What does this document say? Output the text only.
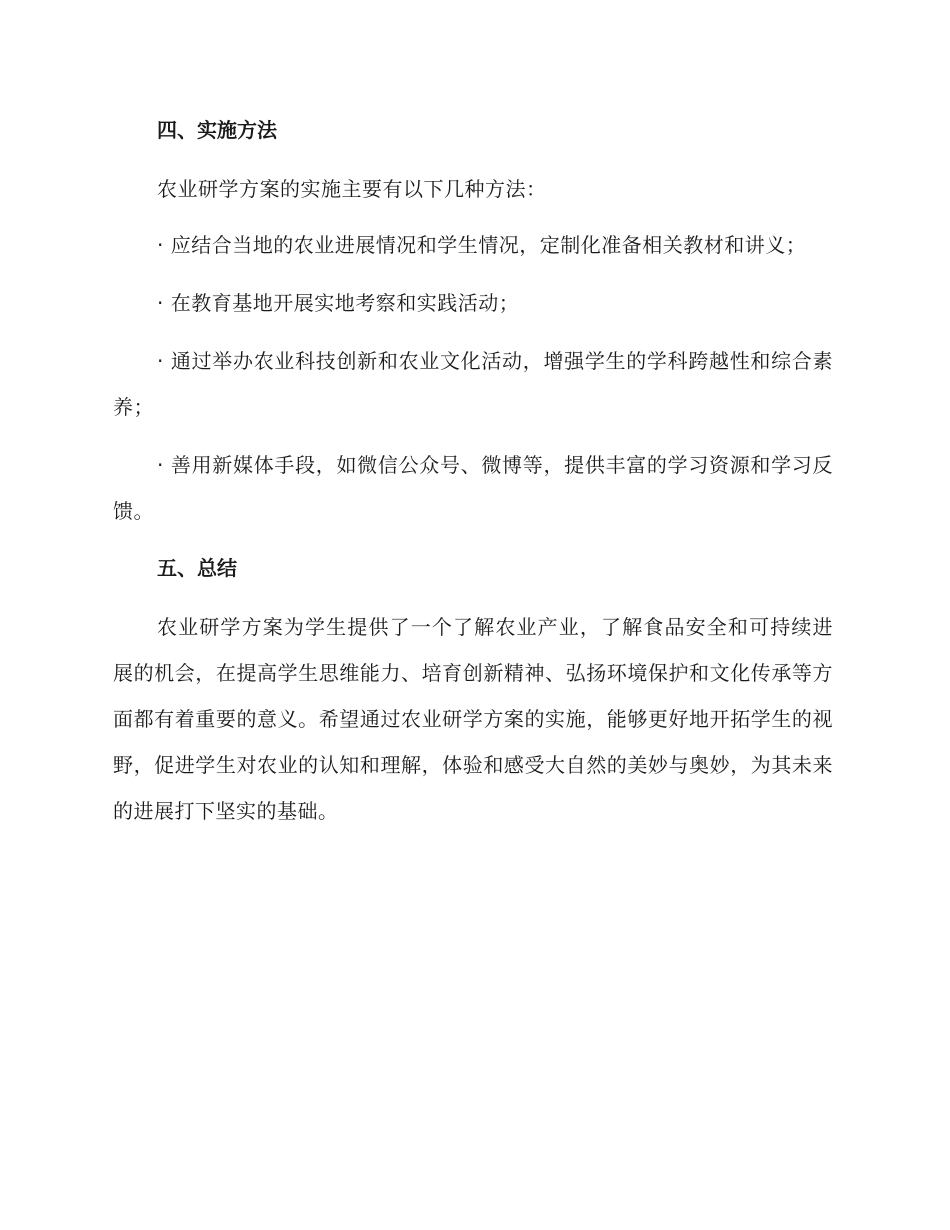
四、实施方法

农业研学方案的实施主要有以下几种方法：

· 应结合当地的农业进展情况和学生情况，定制化准备相关教材和讲义；

· 在教育基地开展实地考察和实践活动；

· 通过举办农业科技创新和农业文化活动，增强学生的学科跨越性和综合素养；

· 善用新媒体手段，如微信公众号、微博等，提供丰富的学习资源和学习反馈。

五、总结

农业研学方案为学生提供了一个了解农业产业，了解食品安全和可持续进展的机会，在提高学生思维能力、培育创新精神、弘扬环境保护和文化传承等方面都有着重要的意义。希望通过农业研学方案的实施，能够更好地开拓学生的视野，促进学生对农业的认知和理解，体验和感受大自然的美妙与奥妙，为其未来的进展打下坚实的基础。
